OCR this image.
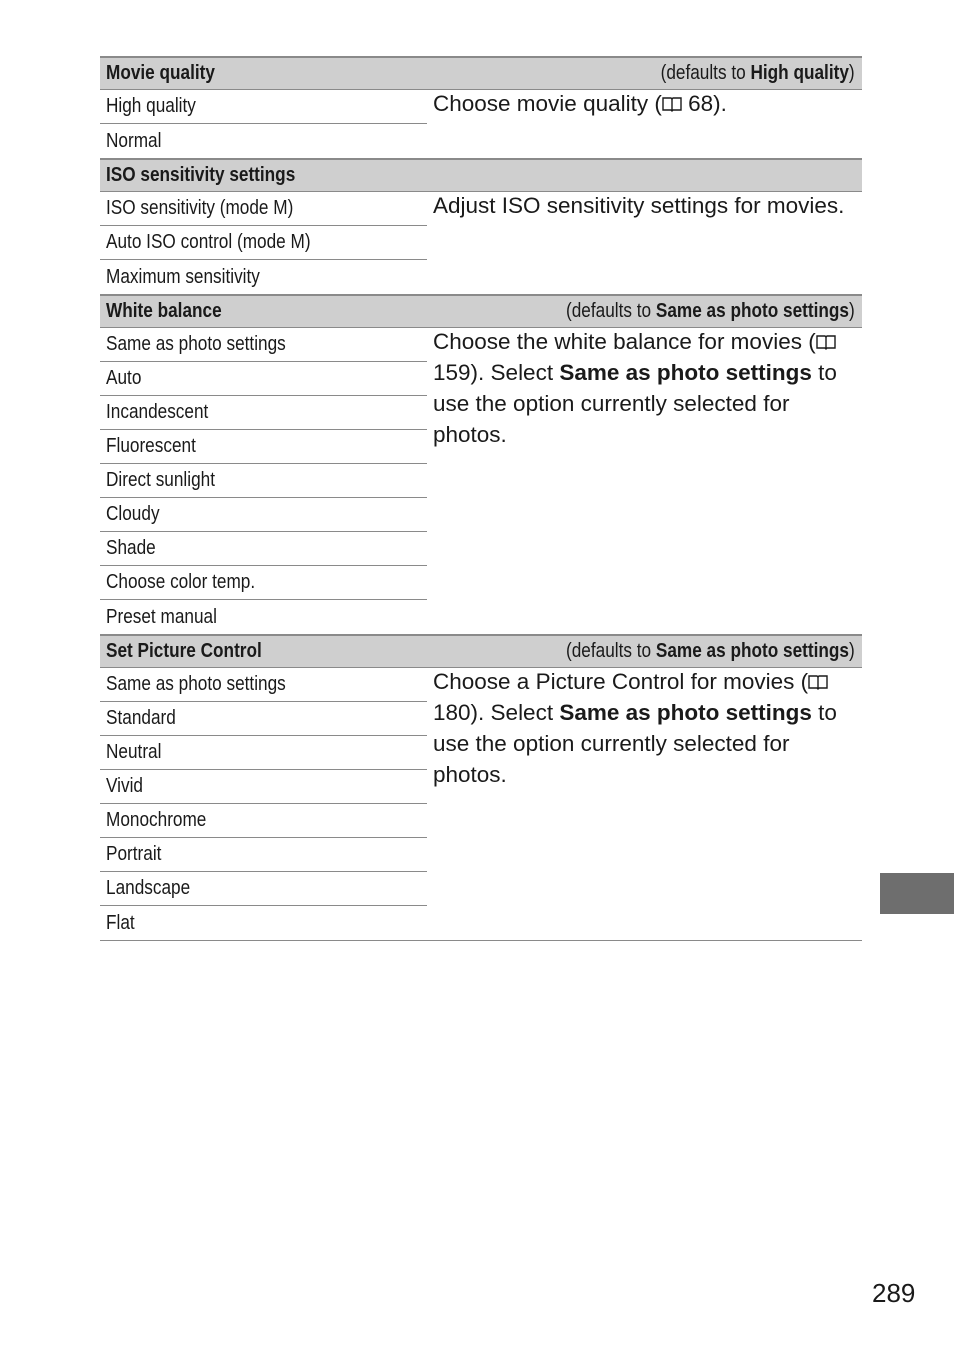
Movie quality	(defaults to High quality)
High quality
Normal
Choose movie quality ( 68).
ISO sensitivity settings
ISO sensitivity (mode M)
Auto ISO control (mode M)
Maximum sensitivity
Adjust ISO sensitivity settings for movies.
White balance	(defaults to Same as photo settings)
Same as photo settings
Auto
Incandescent
Fluorescent
Direct sunlight
Cloudy
Shade
Choose color temp.
Preset manual
Choose the white balance for movies ( 159). Select Same as photo settings to use the option currently selected for photos.
Set Picture Control	(defaults to Same as photo settings)
Same as photo settings
Standard
Neutral
Vivid
Monochrome
Portrait
Landscape
Flat
Choose a Picture Control for movies ( 180). Select Same as photo settings to use the option currently selected for photos.
289
